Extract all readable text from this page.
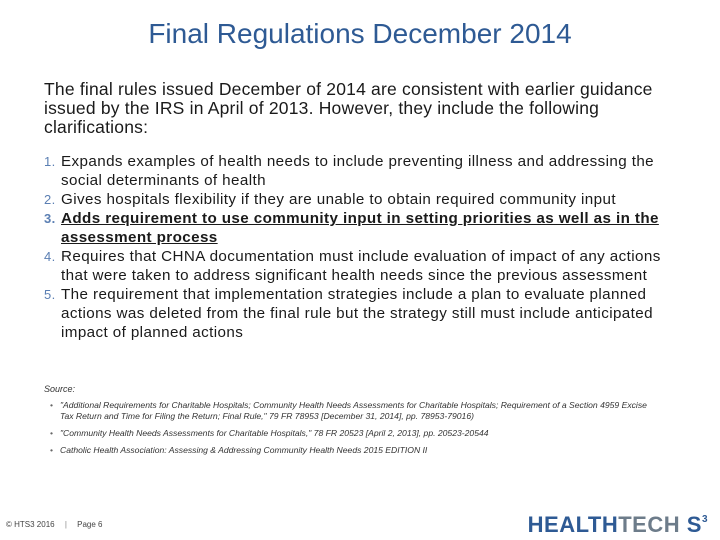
Final Regulations December 2014
The final rules issued December of 2014 are consistent with earlier guidance issued by the IRS in April of 2013. However, they include the following clarifications:
1. Expands examples of health needs to include preventing illness and addressing the social determinants of health
2. Gives hospitals flexibility if they are unable to obtain required community input
3. Adds requirement to use community input in setting priorities as well as in the assessment process
4. Requires that CHNA documentation must include evaluation of impact of any actions that were taken to address significant health needs since the previous assessment
5. The requirement that implementation strategies include a plan to evaluate planned actions was deleted from the final rule but the strategy still must include anticipated impact of planned actions
Source:
• "Additional Requirements for Charitable Hospitals; Community Health Needs Assessments for Charitable Hospitals; Requirement of a Section 4959 Excise Tax Return and Time for Filing the Return; Final Rule," 79 FR 78953 [December 31, 2014], pp. 78953-79016)
• "Community Health Needs Assessments for Charitable Hospitals," 78 FR 20523 [April 2, 2013], pp. 20523-20544
• Catholic Health Association: Assessing & Addressing Community Health Needs 2015 EDITION II
© HTS3 2016 | Page 6	HEALTHTECH $S^3$
